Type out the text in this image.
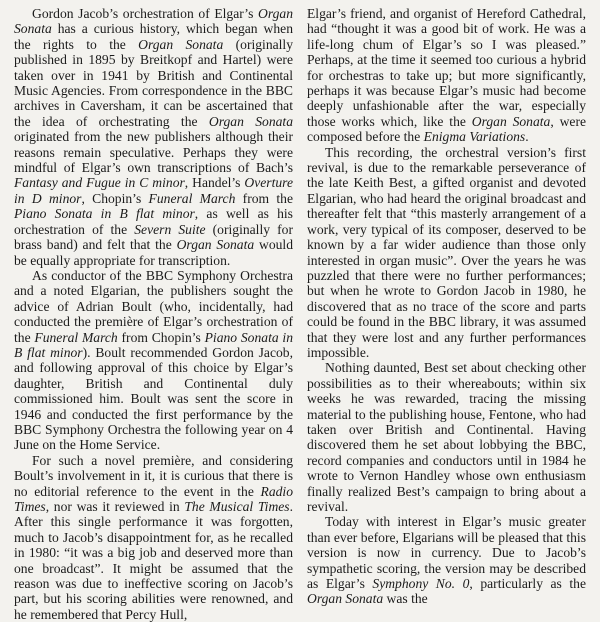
Gordon Jacob’s orchestration of Elgar’s Organ Sonata has a curious history, which began when the rights to the Organ Sonata (originally published in 1895 by Breitkopf and Hartel) were taken over in 1941 by British and Continental Music Agencies. From correspondence in the BBC archives in Caversham, it can be ascertained that the idea of orchestrating the Organ Sonata originated from the new publishers although their reasons remain speculative. Perhaps they were mindful of Elgar’s own transcriptions of Bach’s Fantasy and Fugue in C minor, Handel’s Overture in D minor, Chopin’s Funeral March from the Piano Sonata in B flat minor, as well as his orchestration of the Severn Suite (originally for brass band) and felt that the Organ Sonata would be equally appropriate for transcription.

As conductor of the BBC Symphony Orchestra and a noted Elgarian, the publishers sought the advice of Adrian Boult (who, incidentally, had conducted the première of Elgar’s orchestration of the Funeral March from Chopin’s Piano Sonata in B flat minor). Boult recommended Gordon Jacob, and following approval of this choice by Elgar’s daughter, British and Continental duly commissioned him. Boult was sent the score in 1946 and conducted the first performance by the BBC Symphony Orchestra the following year on 4 June on the Home Service.

For such a novel première, and considering Boult’s involvement in it, it is curious that there is no editorial reference to the event in the Radio Times, nor was it reviewed in The Musical Times. After this single performance it was forgotten, much to Jacob’s disappointment for, as he recalled in 1980: “it was a big job and deserved more than one broadcast”. It might be assumed that the reason was due to ineffective scoring on Jacob’s part, but his scoring abilities were renowned, and he remembered that Percy Hull,

Elgar’s friend, and organist of Hereford Cathedral, had “thought it was a good bit of work. He was a life-long chum of Elgar’s so I was pleased.” Perhaps, at the time it seemed too curious a hybrid for orchestras to take up; but more significantly, perhaps it was because Elgar’s music had become deeply unfashionable after the war, especially those works which, like the Organ Sonata, were composed before the Enigma Variations.

This recording, the orchestral version’s first revival, is due to the remarkable perseverance of the late Keith Best, a gifted organist and devoted Elgarian, who had heard the original broadcast and thereafter felt that “this masterly arrangement of a work, very typical of its composer, deserved to be known by a far wider audience than those only interested in organ music”. Over the years he was puzzled that there were no further performances; but when he wrote to Gordon Jacob in 1980, he discovered that as no trace of the score and parts could be found in the BBC library, it was assumed that they were lost and any further performances impossible.

Nothing daunted, Best set about checking other possibilities as to their whereabouts; within six weeks he was rewarded, tracing the missing material to the publishing house, Fentone, who had taken over British and Continental. Having discovered them he set about lobbying the BBC, record companies and conductors until in 1984 he wrote to Vernon Handley whose own enthusiasm finally realized Best’s campaign to bring about a revival.

Today with interest in Elgar’s music greater than ever before, Elgarians will be pleased that this version is now in currency. Due to Jacob’s sympathetic scoring, the version may be described as Elgar’s Symphony No. 0, particularly as the Organ Sonata was the
